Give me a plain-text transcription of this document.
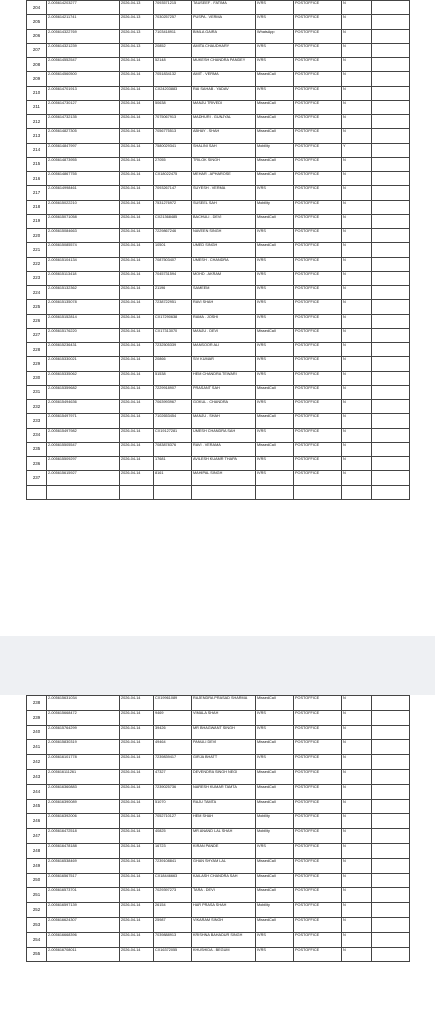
204	2-005614203277	2026-04-13	7093571215	TAUSEEF . FATIMA	IVRS	POSTOFFICE	N	
205	2-005614211741	2026-04-13	7030257257	PUSPA . VERMA	IVRS	POSTOFFICE	N	
206	2-005614322769	2026-04-13	7103418911	BIMLA GAIRA	WhatsApp	POSTOFFICE	N	
207	2-005614321239	2026-04-13	20852	AMITA CHAUDHARY	IVRS	POSTOFFICE	N	
208	2-005614552547	2026-04-14	52148	MUKESH CHANDRA PANDEY	IVRS	POSTOFFICE	N	
209	2-005614560500	2026-04-14	7051834132	AMIT . VERMA	MissedCall	POSTOFFICE	N	
210	2-005614701913	2026-04-14	CX24203883	RAI SAHAB . YADAV	IVRS	POSTOFFICE	N	
211	2-005614730127	2026-04-14	50638	MANJU TRIVEDI	MissedCall	POSTOFFICE	N	
212	2-005614732135	2026-04-14	7075067913	MADHURI . GUNJYAL	MissedCall	POSTOFFICE	N	
213	2-005614827305	2026-04-14	7056775513	ABHAY . SHAH	MissedCall	POSTOFFICE	N	
214	2-005614847997	2026-04-14	7580029341	SHALINI SAH	Mobility	POSTOFFICE	Y	
215	2-005614873955	2026-04-14	27055	TRILOK SINGH	MissedCall	POSTOFFICE	N	
216	2-005614867755	2026-04-14	CX18022475	MEHAR . APHAROSE	MissedCall	POSTOFFICE	N	
217	2-005614998461	2026-04-14	7093267147	SUYESH . VERMA	IVRS	POSTOFFICE	N	
218	2-005615022210	2026-04-14	7531276972	SUSEEL SAH	Mobility	POSTOFFICE	N	
219	2-005615071058	2026-04-14	CX21368485	BACHULI . DEVI	MissedCall	POSTOFFICE	N	
220	2-005615084663	2026-04-14	7229867246	NAVEEN SINGH	IVRS	POSTOFFICE	N	
221	2-005615085574	2026-04-14	10501	UMED SINGH	MissedCall	POSTOFFICE	N	
222	2-005615104134	2026-04-14	7087503407	UMESH . CHANDRA	IVRS	POSTOFFICE	N	
223	2-005615113418	2026-04-14	7045731594	MOHD . AKRAM	IVRS	POSTOFFICE	N	
224	2-005615132362	2026-04-14	21196	SAMEEM	IVRS	POSTOFFICE	N	
225	2-005615135078	2026-04-14	7238722951	RAVI SHAH	IVRS	POSTOFFICE	N	
226	2-005615152814	2026-04-14	CX17290638	RAMA . JOSHI	IVRS	POSTOFFICE	N	
227	2-005615176220	2026-04-14	CX17313070	MANJU . DEVI	MissedCall	POSTOFFICE	N	
228	2-005615236431	2026-04-14	7232505339	MANSOOR ALI	IVRS	POSTOFFICE	N	
229	2-005615330021	2026-04-14	20866	SIV KUMAR	IVRS	POSTOFFICE	N	
230	2-005615335062	2026-04-14	51538	HEM CHANDRA TEWARI	IVRS	POSTOFFICE	N	
231	2-005615359682	2026-04-14	7229918907	PRASANT SAH	MissedCall	POSTOFFICE	N	
232	2-005615494636	2026-04-14	7063993967	GOKUL . CHANDRA	IVRS	POSTOFFICE	N	
233	2-005615497971	2026-04-14	7102653454	MANJU . SHAH	MissedCall	POSTOFFICE	N	
234	2-005615497982	2026-04-14	CX19127281	UMESH CHANDRA SAH	IVRS	POSTOFFICE	N	
235	2-005615505547	2026-04-14	7083878376	RAVI . VERAMA	MissedCall	POSTOFFICE	N	
236	2-005615509297	2026-04-14	17681	AVILESH KUAMR THAPA	IVRS	POSTOFFICE	N	
237	2-005615615927	2026-04-14	8161	MAHIPAL SINGH	IVRS	POSTOFFICE	N	

238	2-005615631034	2026-04-14	CX19961089	RAJENDRA PRASAD SHARMA	MissedCall	POSTOFFICE	N	
239	2-005615668472	2026-04-14	9469	VIMALA SHAH	IVRS	POSTOFFICE	N	
240	2-005615764299	2026-04-14	39426	MR BHAGWANT SINGH	IVRS	POSTOFFICE	N	
241	2-005615830319	2026-04-14	49464	PANULI DEVI	MissedCall	POSTOFFICE	N	
242	2-005616101778	2026-04-14	7239839417	GIRJA BHATT	IVRS	POSTOFFICE	N	
243	2-005616111261	2026-04-14	47327	DEVENDRA SINGH NEGI	MissedCall	POSTOFFICE	N	
244	2-005616360883	2026-04-14	7239025736	NARESH KUMAR TAMTA	MissedCall	POSTOFFICE	N	
245	2-005616390089	2026-04-14	51070	RAJU TAMTA	MissedCall	POSTOFFICE	N	
246	2-005616392006	2026-04-14	7052710127	HEM SHAH	Mobility	POSTOFFICE	N	
247	2-005616472518	2026-04-14	40825	MR ANAND LAL SHAH	Mobility	POSTOFFICE	N	
248	2-005616478188	2026-04-14	16723	KIRAN PANDE	IVRS	POSTOFFICE	N	
249	2-005616538469	2026-04-14	7239108841	GHAN SHYAM LAL	MissedCall	POSTOFFICE	N	
250	2-005616567517	2026-04-14	CX18446663	KAILASH CHANDRA SAH	MissedCall	POSTOFFICE	N	
251	2-005616573701	2026-04-14	7029397273	TARA . DEVI	MissedCall	POSTOFFICE	N	
252	2-005616597139	2026-04-14	26154	HAR PRASA SHAH	Mobility	POSTOFFICE	N	
253	2-005616624307	2026-04-14	25987	VIKARAM SINGH	MissedCall	POSTOFFICE	N	
254	2-005616668396	2026-04-14	7039888913	KRISHNA BAHADUR SINGH	IVRS	POSTOFFICE	N	
255	2-005616708011	2026-04-14	CX16372055	KHUSHIDA . BEGUM	IVRS	POSTOFFICE	N	
